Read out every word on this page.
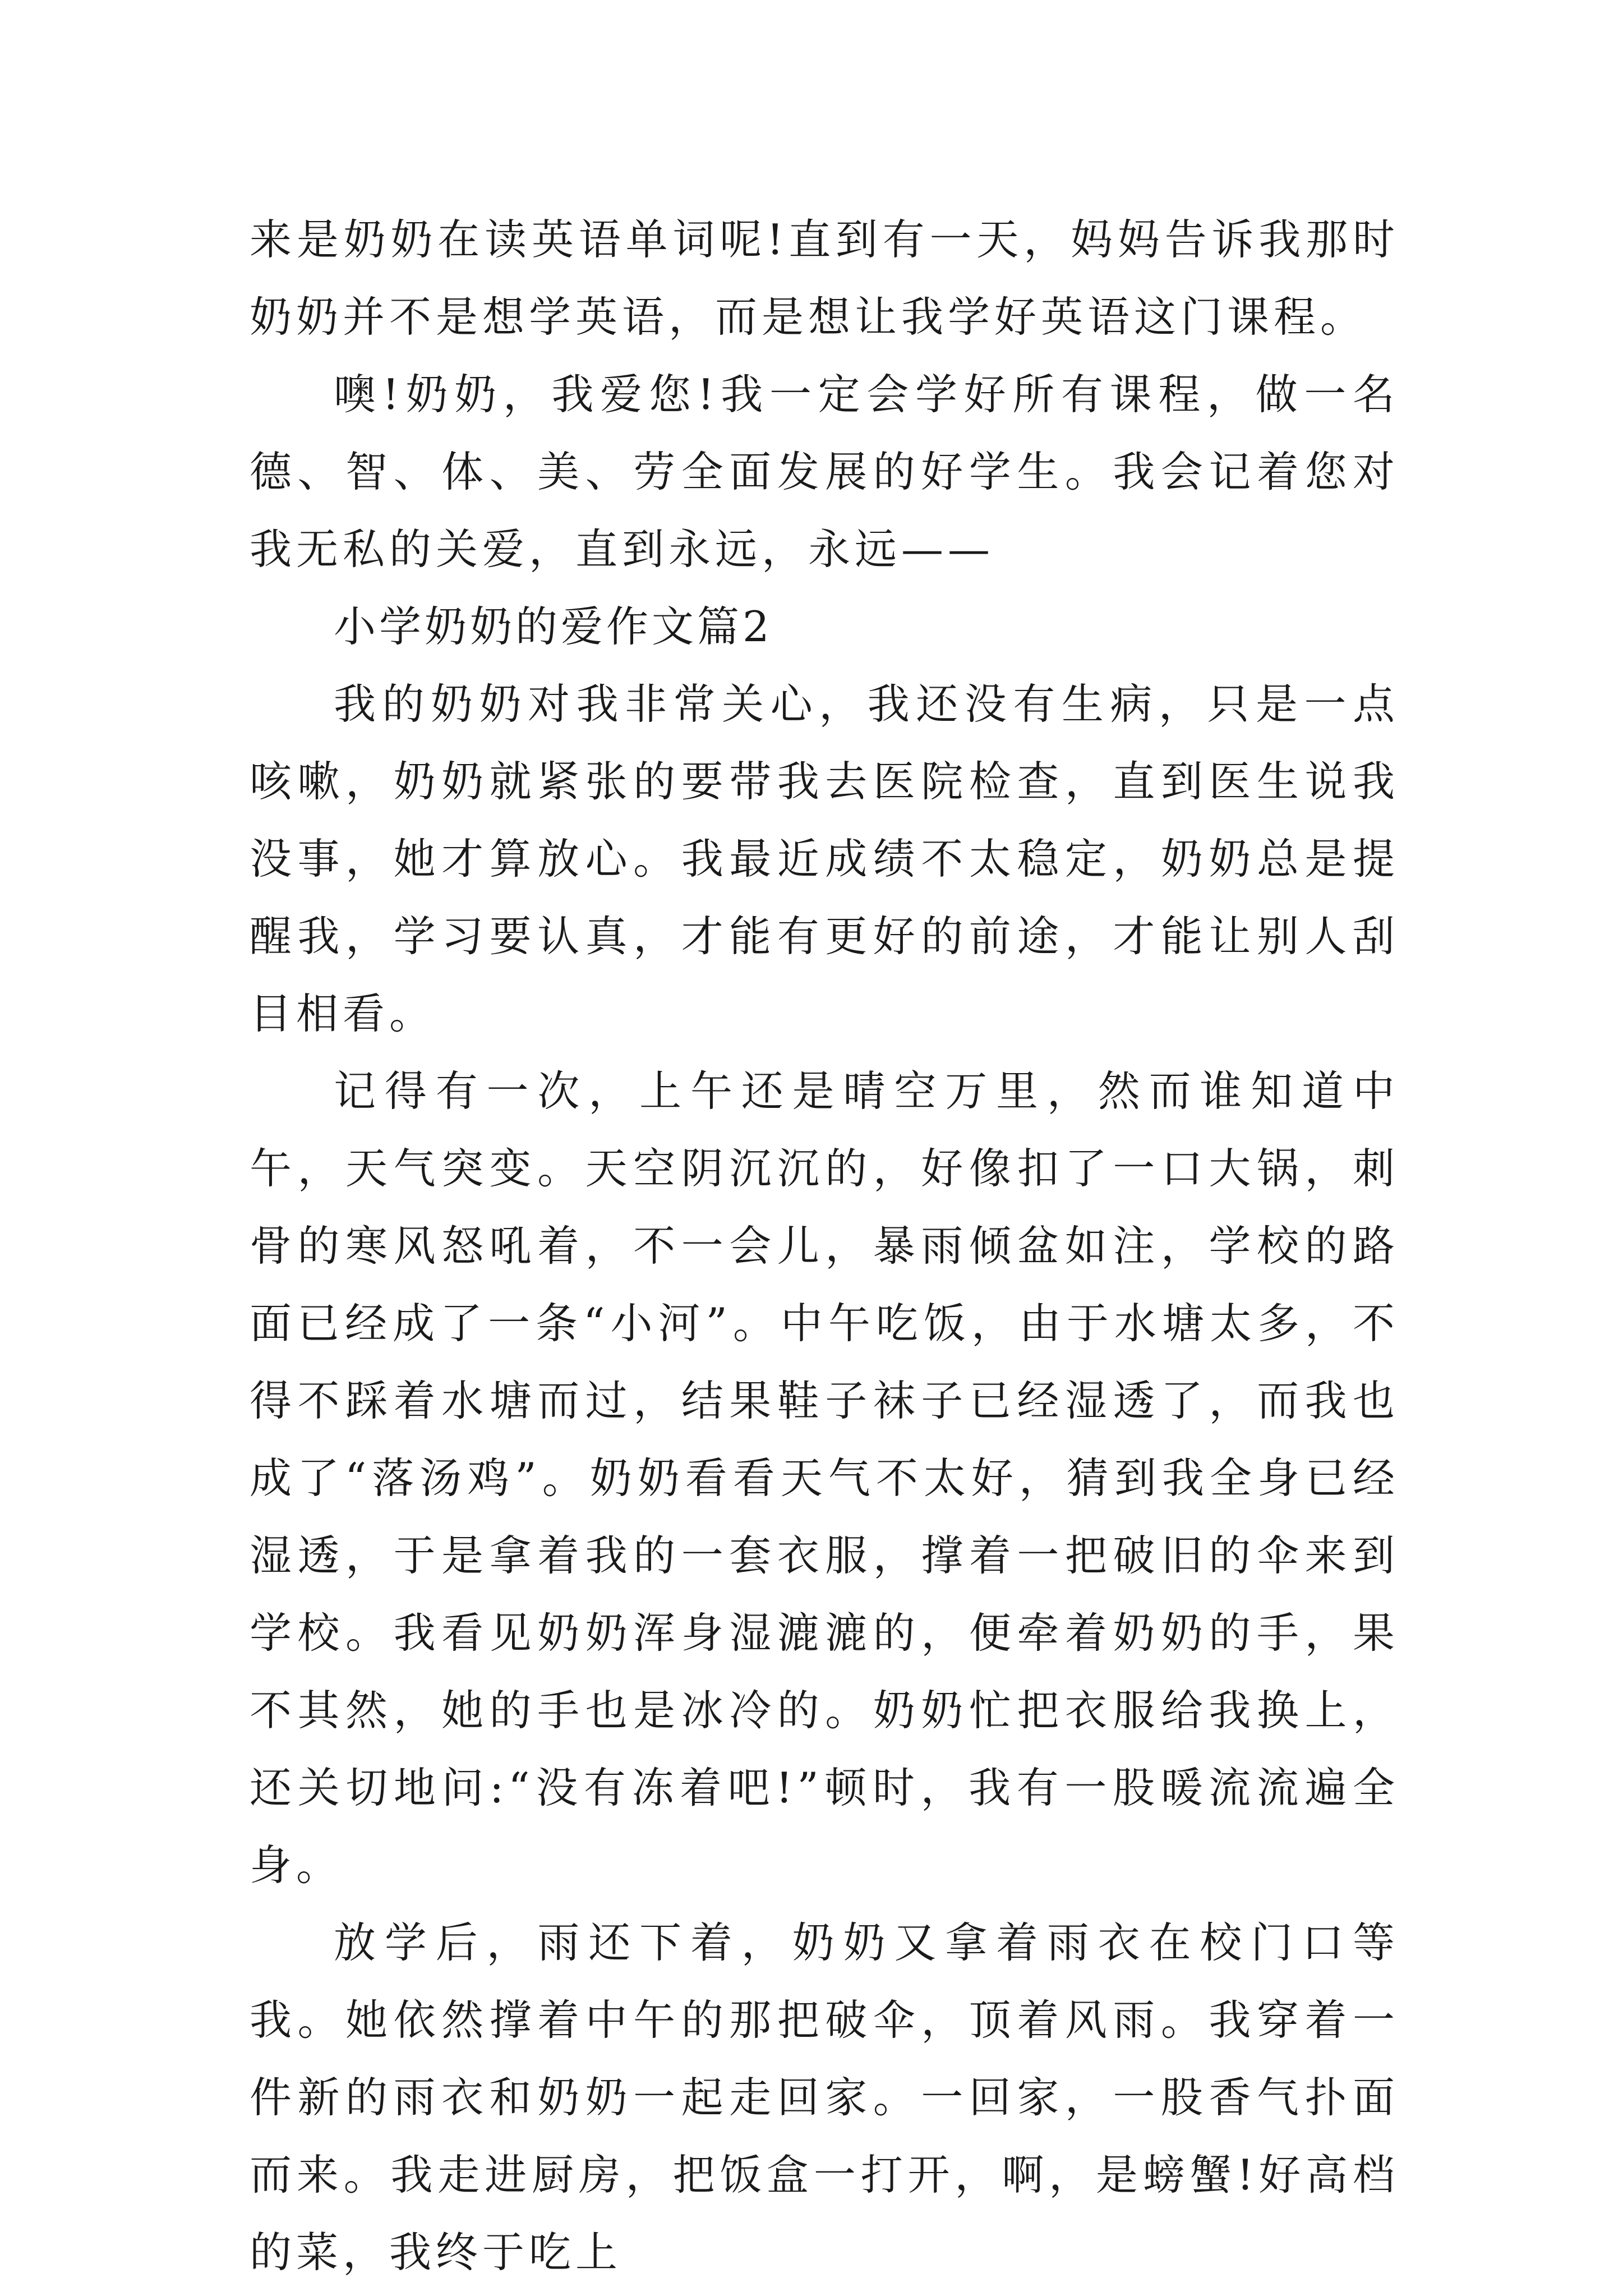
来是奶奶在读英语单词呢!直到有一天，妈妈告诉我那时奶奶并不是想学英语，而是想让我学好英语这门课程。

噢!奶奶，我爱您!我一定会学好所有课程，做一名德、智、体、美、劳全面发展的好学生。我会记着您对我无私的关爱，直到永远，永远——

小学奶奶的爱作文篇2

我的奶奶对我非常关心，我还没有生病，只是一点咳嗽，奶奶就紧张的要带我去医院检查，直到医生说我没事，她才算放心。我最近成绩不太稳定，奶奶总是提醒我，学习要认真，才能有更好的前途，才能让别人刮目相看。

记得有一次，上午还是晴空万里，然而谁知道中午，天气突变。天空阴沉沉的，好像扣了一口大锅，刺骨的寒风怒吼着，不一会儿，暴雨倾盆如注，学校的路面已经成了一条“小河”。中午吃饭，由于水塘太多，不得不踩着水塘而过，结果鞋子袜子已经湿透了，而我也成了“落汤鸡”。奶奶看看天气不太好，猜到我全身已经湿透，于是拿着我的一套衣服，撑着一把破旧的伞来到学校。我看见奶奶浑身湿漉漉的，便牵着奶奶的手，果不其然，她的手也是冰冷的。奶奶忙把衣服给我换上，还关切地问:“没有冻着吧!”顿时，我有一股暖流流遍全身。

放学后，雨还下着，奶奶又拿着雨衣在校门口等我。她依然撑着中午的那把破伞，顶着风雨。我穿着一件新的雨衣和奶奶一起走回家。一回家，一股香气扑面而来。我走进厨房，把饭盒一打开，啊，是螃蟹!好高档的菜，我终于吃上
